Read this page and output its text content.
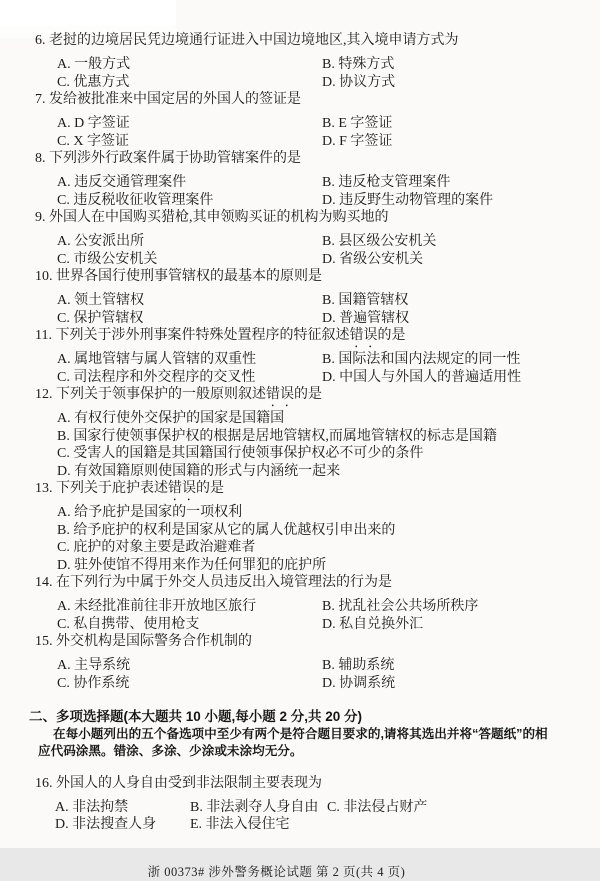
6. 老挝的边境居民凭边境通行证进入中国边境地区,其入境申请方式为
A. 一般方式	B. 特殊方式
C. 优惠方式	D. 协议方式
7. 发给被批准来中国定居的外国人的签证是
A. D 字签证	B. E 字签证
C. X 字签证	D. F 字签证
8. 下列涉外行政案件属于协助管辖案件的是
A. 违反交通管理案件	B. 违反枪支管理案件
C. 违反税收征收管理案件	D. 违反野生动物管理的案件
9. 外国人在中国购买猎枪,其申领购买证的机构为购买地的
A. 公安派出所	B. 县区级公安机关
C. 市级公安机关	D. 省级公安机关
10. 世界各国行使刑事管辖权的最基本的原则是
A. 领土管辖权	B. 国籍管辖权
C. 保护管辖权	D. 普遍管辖权
11. 下列关于涉外刑事案件特殊处置程序的特征叙述错误的是
A. 属地管辖与属人管辖的双重性	B. 国际法和国内法规定的同一性
C. 司法程序和外交程序的交叉性	D. 中国人与外国人的普遍适用性
12. 下列关于领事保护的一般原则叙述错误的是
A. 有权行使外交保护的国家是国籍国
B. 国家行使领事保护权的根据是居地管辖权,而属地管辖权的标志是国籍
C. 受害人的国籍是其国籍国行使领事保护权必不可少的条件
D. 有效国籍原则使国籍的形式与内涵统一起来
13. 下列关于庇护表述错误的是
A. 给予庇护是国家的一项权利
B. 给予庇护的权利是国家从它的属人优越权引申出来的
C. 庇护的对象主要是政治避难者
D. 驻外使馆不得用来作为任何罪犯的庇护所
14. 在下列行为中属于外交人员违反出入境管理法的行为是
A. 未经批准前往非开放地区旅行	B. 扰乱社会公共场所秩序
C. 私自携带、使用枪支	D. 私自兑换外汇
15. 外交机构是国际警务合作机制的
A. 主导系统	B. 辅助系统
C. 协作系统	D. 协调系统
二、多项选择题(本大题共 10 小题,每小题 2 分,共 20 分)
在每小题列出的五个备选项中至少有两个是符合题目要求的,请将其选出并将“答题纸”的相
应代码涂黑。错涂、多涂、少涂或未涂均无分。
16. 外国人的人身自由受到非法限制主要表现为
A. 非法拘禁	B. 非法剥夺人身自由 C. 非法侵占财产
D. 非法搜查人身	E. 非法入侵住宅
浙 00373# 涉外警务概论试题 第 2 页(共 4 页)
